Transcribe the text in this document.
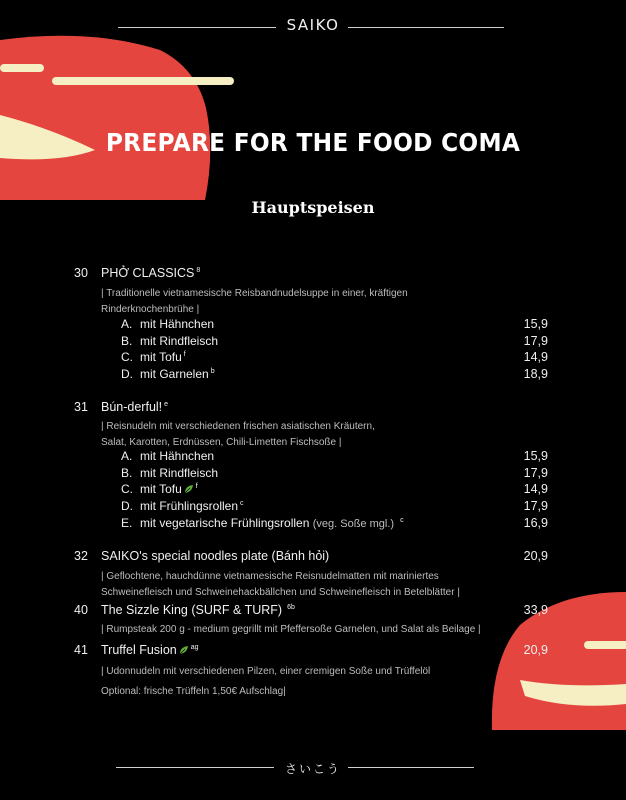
SAIKO
PREPARE FOR THE FOOD COMA
Hauptspeisen
30 PHỞ CLASSICS $^8$
| Traditionelle vietnamesische Reisbandnudelsuppe in einer, kräftigen
Rinderknochenbrühe |
A. mit Hähnchen	15,9
B. mit Rindfleisch	17,9
C. mit Tofu $^f$	14,9
D. mit Garnelen $^b$	18,9
31 Bún-derful! $^e$
| Reisnudeln mit verschiedenen frischen asiatischen Kräutern,
Salat, Karotten, Erdnüssen, Chili-Limetten Fischsoße |
A. mit Hähnchen	15,9
B. mit Rindfleisch	17,9
C. mit Tofu $^f$	14,9
D. mit Frühlingsrollen $^c$	17,9
E. mit vegetarische Frühlingsrollen (veg. Soße mgl.) $^c$	16,9
32 SAIKO's special noodles plate (Bánh hỏi)	20,9
| Geflochtene, hauchdünne vietnamesische Reisnudelmatten mit mariniertes
Schweinefleisch und Schweinehackbällchen und Schweinefleisch in Betelblätter |
40 The Sizzle King (SURF & TURF) $^{6b}$	33,9
| Rumpsteak 200 g - medium gegrillt mit Pfeffersoße Garnelen, und Salat als Beilage |
41 Truffel Fusion $^{ag}$	20,9
| Udonnudeln mit verschiedenen Pilzen, einer cremigen Soße und Trüffelöl
Optional: frische Trüffeln 1,50€ Aufschlag|
さいこう
